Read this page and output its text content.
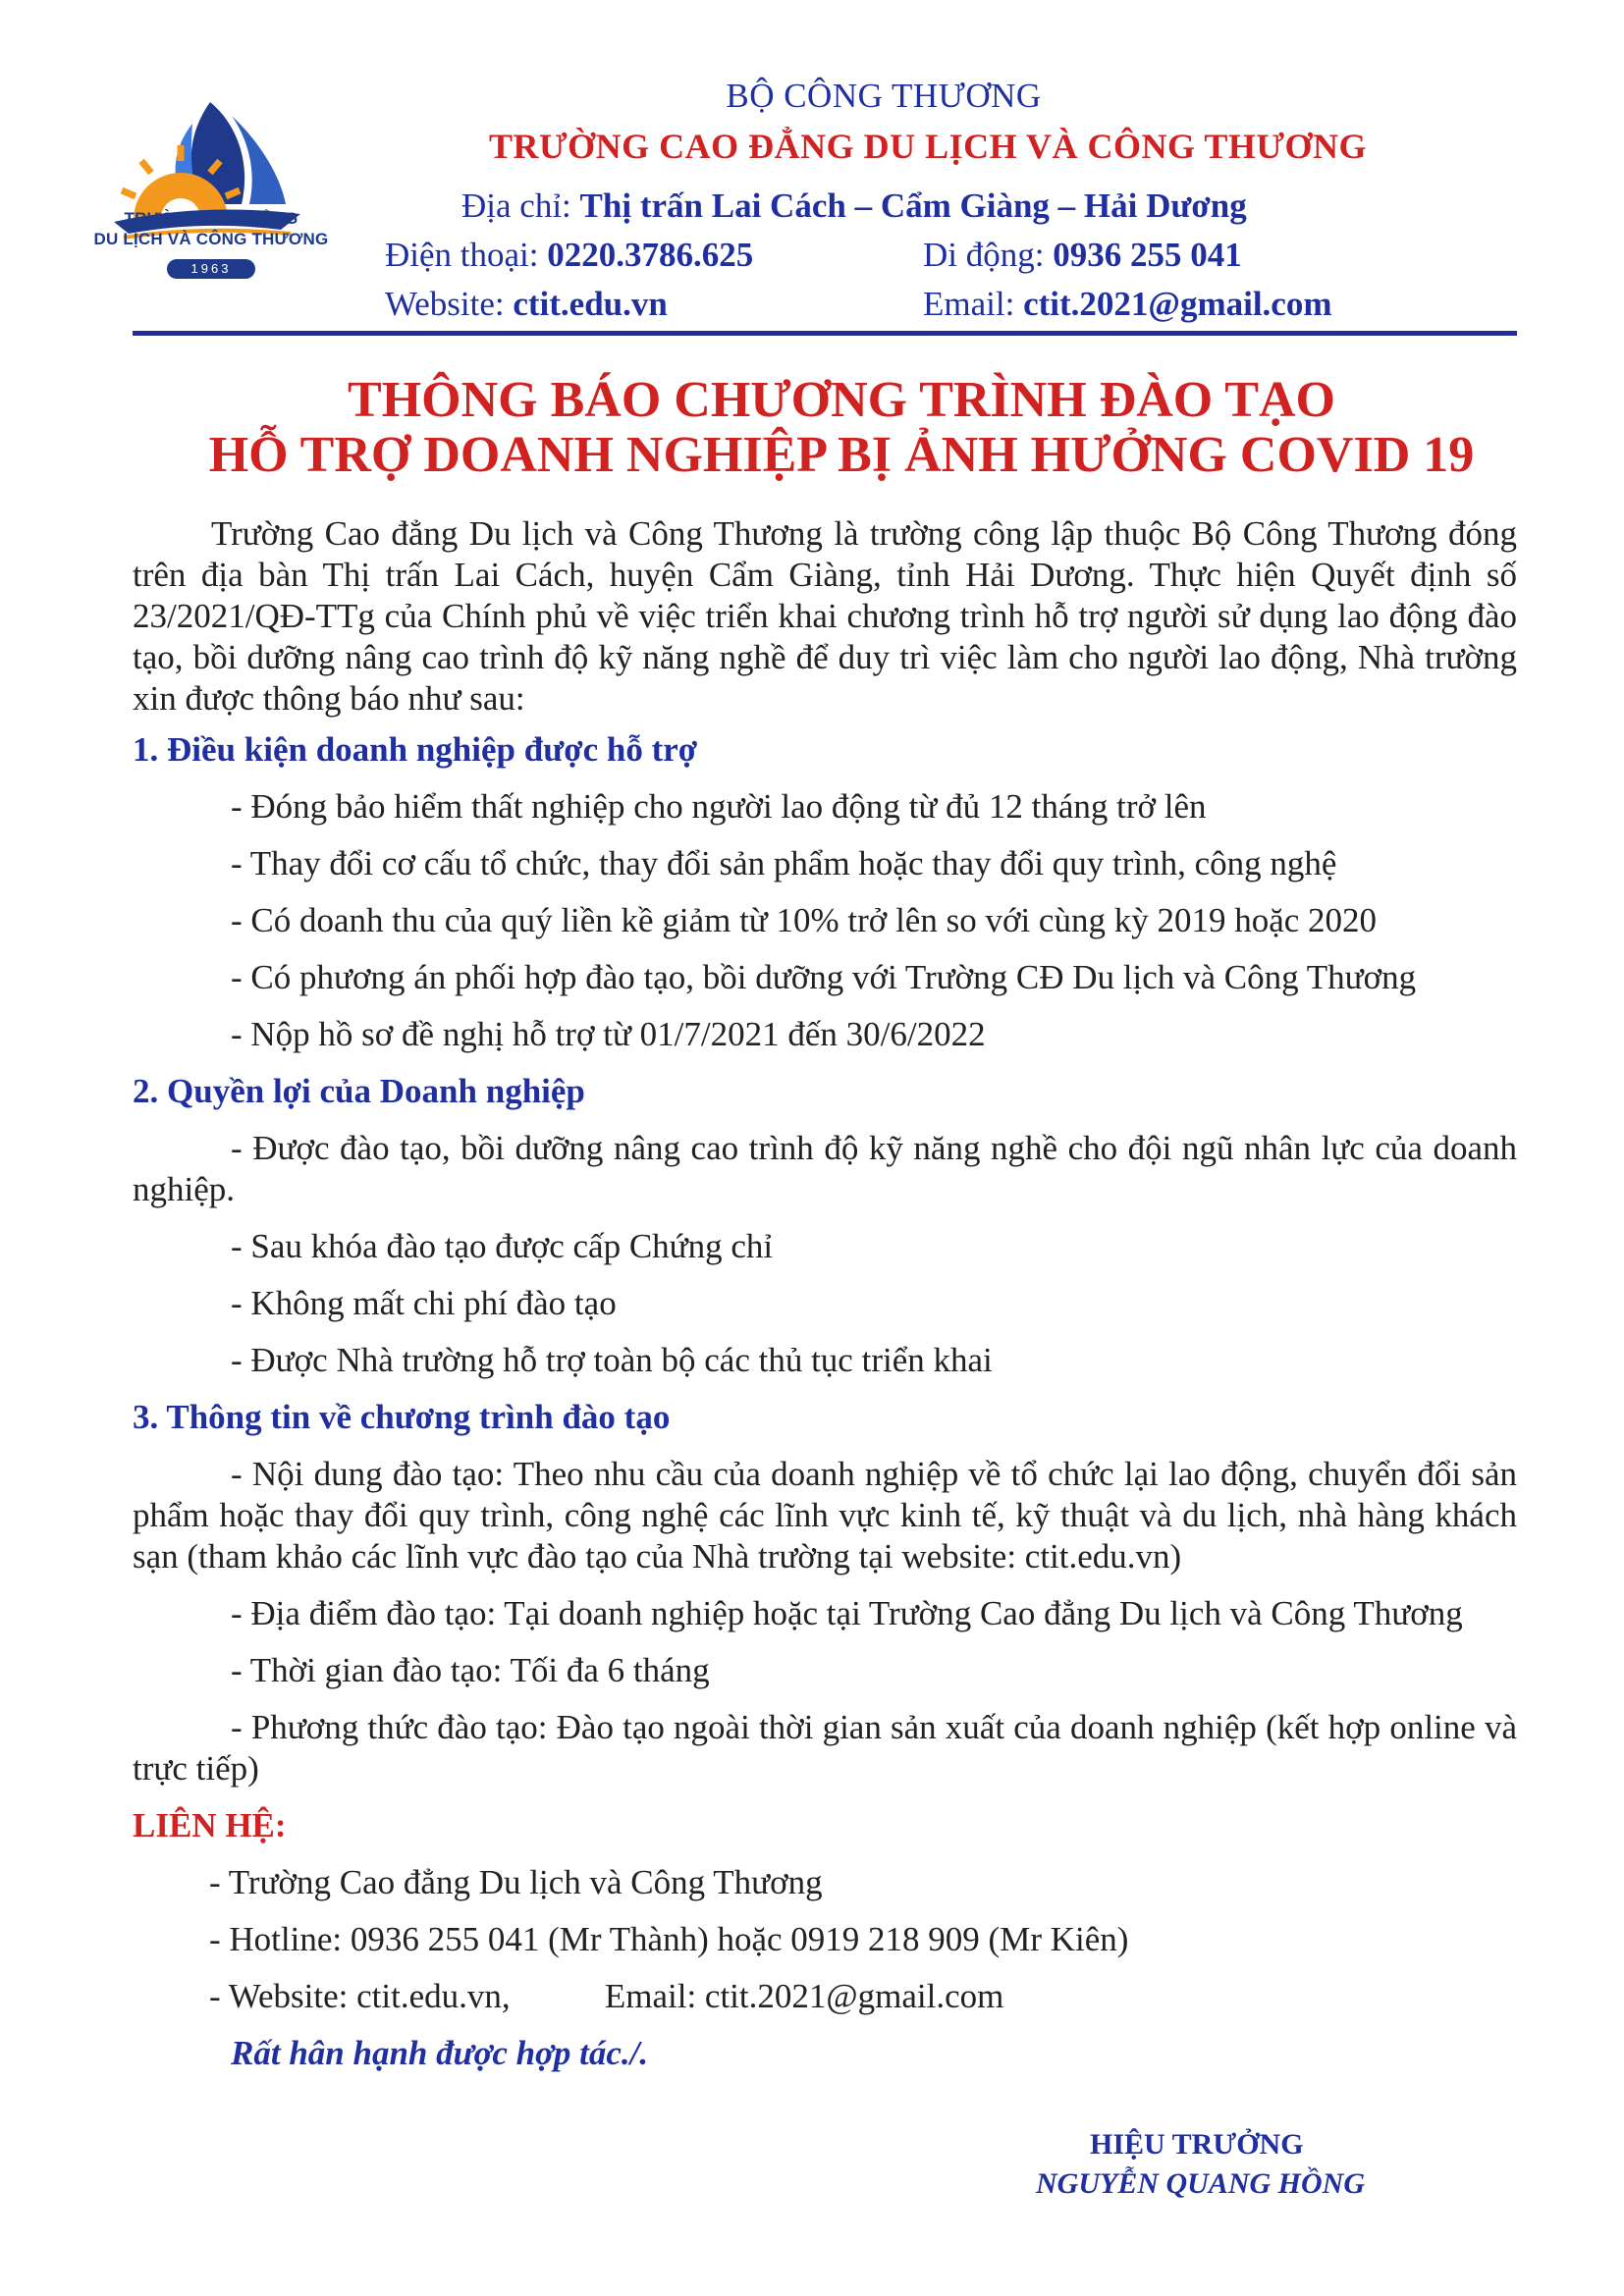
TRƯỜNG CAO ĐẲNG
DU LỊCH VÀ CÔNG THƯƠNG
1963
BỘ CÔNG THƯƠNG
TRƯỜNG CAO ĐẲNG DU LỊCH VÀ CÔNG THƯƠNG
Địa chỉ: Thị trấn Lai Cách – Cẩm Giàng – Hải Dương
Điện thoại: 0220.3786.625	Di động: 0936 255 041
Website: ctit.edu.vn	Email: ctit.2021@gmail.com
THÔNG BÁO CHƯƠNG TRÌNH ĐÀO TẠO
HỖ TRỢ DOANH NGHIỆP BỊ ẢNH HƯỞNG COVID 19

Trường Cao đẳng Du lịch và Công Thương là trường công lập thuộc Bộ Công Thương đóng trên địa bàn Thị trấn Lai Cách, huyện Cẩm Giàng, tỉnh Hải Dương. Thực hiện Quyết định số 23/2021/QĐ-TTg của Chính phủ về việc triển khai chương trình hỗ trợ người sử dụng lao động đào tạo, bồi dưỡng nâng cao trình độ kỹ năng nghề để duy trì việc làm cho người lao động, Nhà trường xin được thông báo như sau:

1. Điều kiện doanh nghiệp được hỗ trợ
- Đóng bảo hiểm thất nghiệp cho người lao động từ đủ 12 tháng trở lên
- Thay đổi cơ cấu tổ chức, thay đổi sản phẩm hoặc thay đổi quy trình, công nghệ
- Có doanh thu của quý liền kề giảm từ 10% trở lên so với cùng kỳ 2019 hoặc 2020
- Có phương án phối hợp đào tạo, bồi dưỡng với Trường CĐ Du lịch và Công Thương
- Nộp hồ sơ đề nghị hỗ trợ từ 01/7/2021 đến 30/6/2022
2. Quyền lợi của Doanh nghiệp
- Được đào tạo, bồi dưỡng nâng cao trình độ kỹ năng nghề cho đội ngũ nhân lực của doanh nghiệp.
- Sau khóa đào tạo được cấp Chứng chỉ
- Không mất chi phí đào tạo
- Được Nhà trường hỗ trợ toàn bộ các thủ tục triển khai
3. Thông tin về chương trình đào tạo
- Nội dung đào tạo: Theo nhu cầu của doanh nghiệp về tổ chức lại lao động, chuyển đổi sản phẩm hoặc thay đổi quy trình, công nghệ các lĩnh vực kinh tế, kỹ thuật và du lịch, nhà hàng khách sạn (tham khảo các lĩnh vực đào tạo của Nhà trường tại website: ctit.edu.vn)
- Địa điểm đào tạo: Tại doanh nghiệp hoặc tại Trường Cao đẳng Du lịch và Công Thương
- Thời gian đào tạo: Tối đa 6 tháng
- Phương thức đào tạo: Đào tạo ngoài thời gian sản xuất của doanh nghiệp (kết hợp online và trực tiếp)
LIÊN HỆ:
- Trường Cao đẳng Du lịch và Công Thương
- Hotline: 0936 255 041 (Mr Thành) hoặc 0919 218 909 (Mr Kiên)
- Website: ctit.edu.vn,           Email: ctit.2021@gmail.com
Rất hân hạnh được hợp tác./.
HIỆU TRƯỞNG
NGUYỄN QUANG HỒNG
